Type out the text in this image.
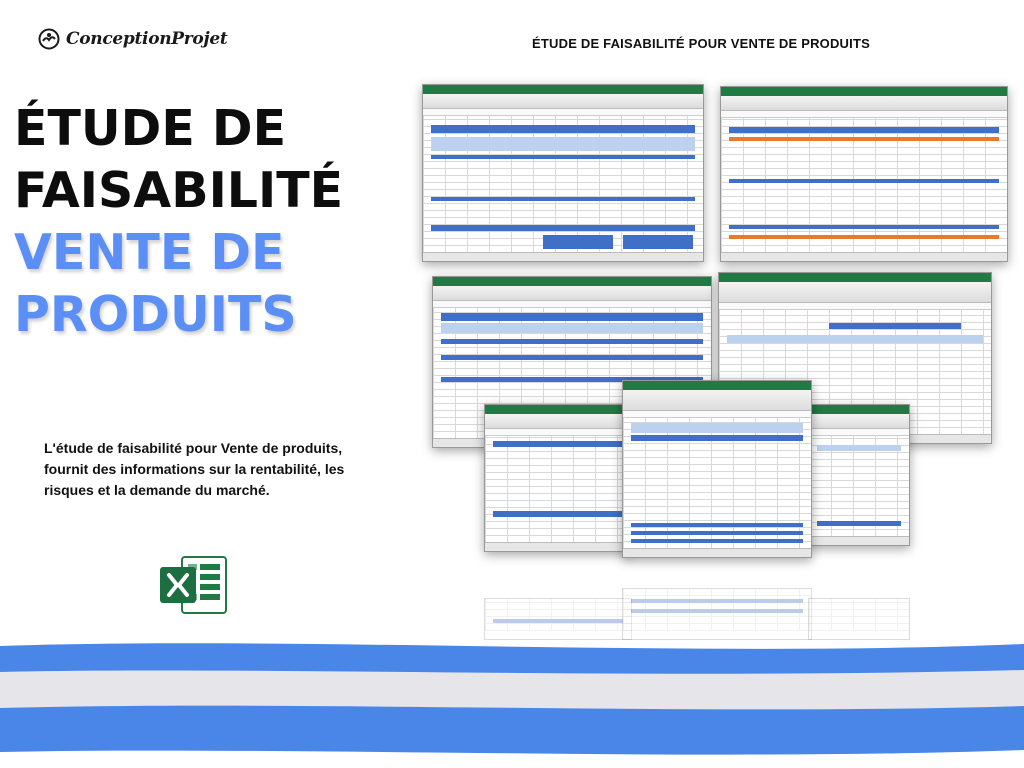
ConceptionProjet	ÉTUDE DE FAISABILITÉ POUR VENTE DE PRODUITS
ÉTUDE DE
FAISABILITÉ
VENTE DE
PRODUITS
L'étude de faisabilité pour Vente de produits, fournit des informations sur la rentabilité, les risques et la demande du marché.
